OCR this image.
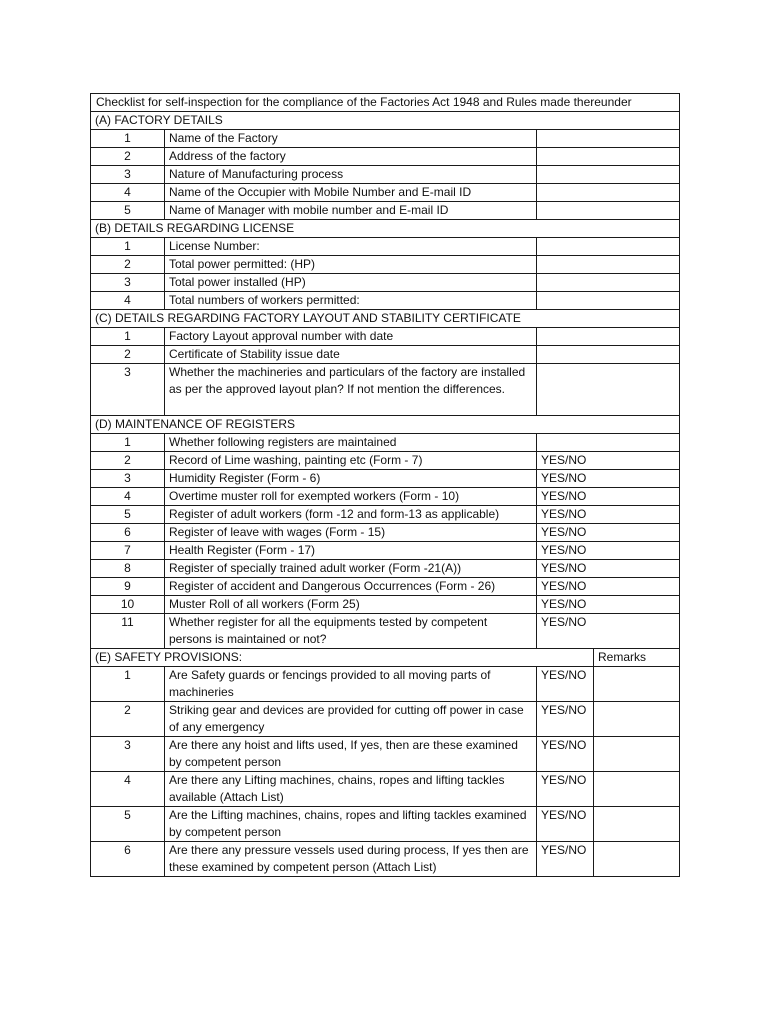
Checklist for self-inspection for the compliance of the Factories Act 1948 and Rules made thereunder			
(A) FACTORY DETAILS			
1	Name of the Factory		
2	Address of the factory		
3	Nature of Manufacturing process		
4	Name of the Occupier with Mobile Number and E-mail ID		
5	Name of Manager with mobile number and E-mail ID		
(B) DETAILS REGARDING LICENSE			
1	License Number:		
2	Total power permitted: (HP)		
3	Total power installed (HP)		
4	Total numbers of workers permitted:		
(C) DETAILS REGARDING FACTORY LAYOUT AND STABILITY CERTIFICATE			
1	Factory Layout approval number with date		
2	Certificate of Stability issue date		
3	Whether the machineries and particulars of the factory are installed as per the approved layout plan? If not mention the differences.		
(D) MAINTENANCE OF REGISTERS			
1	Whether following registers are maintained		
2	Record of Lime washing, painting etc (Form - 7)	YES/NO	
3	Humidity Register (Form - 6)	YES/NO	
4	Overtime muster roll for exempted workers (Form - 10)	YES/NO	
5	Register of adult workers (form -12 and form-13 as applicable)	YES/NO	
6	Register of leave with wages (Form - 15)	YES/NO	
7	Health Register (Form - 17)	YES/NO	
8	Register of specially trained adult worker (Form -21(A))	YES/NO	
9	Register of accident and Dangerous Occurrences (Form - 26)	YES/NO	
10	Muster Roll of all workers (Form 25)	YES/NO	
11	Whether register for all the equipments tested by competent persons is maintained or not?	YES/NO	
(E) SAFETY PROVISIONS:			Remarks
1	Are Safety guards or fencings provided to all moving parts of machineries	YES/NO	
2	Striking gear and devices are provided for cutting off power in case of any emergency	YES/NO	
3	Are there any hoist and lifts used, If yes, then are these examined by competent person	YES/NO	
4	Are there any Lifting machines, chains, ropes and lifting tackles available (Attach List)	YES/NO	
5	Are the Lifting machines, chains, ropes and lifting tackles examined by competent person	YES/NO	
6	Are there any pressure vessels used during process, If yes then are these examined by competent person (Attach List)	YES/NO	
